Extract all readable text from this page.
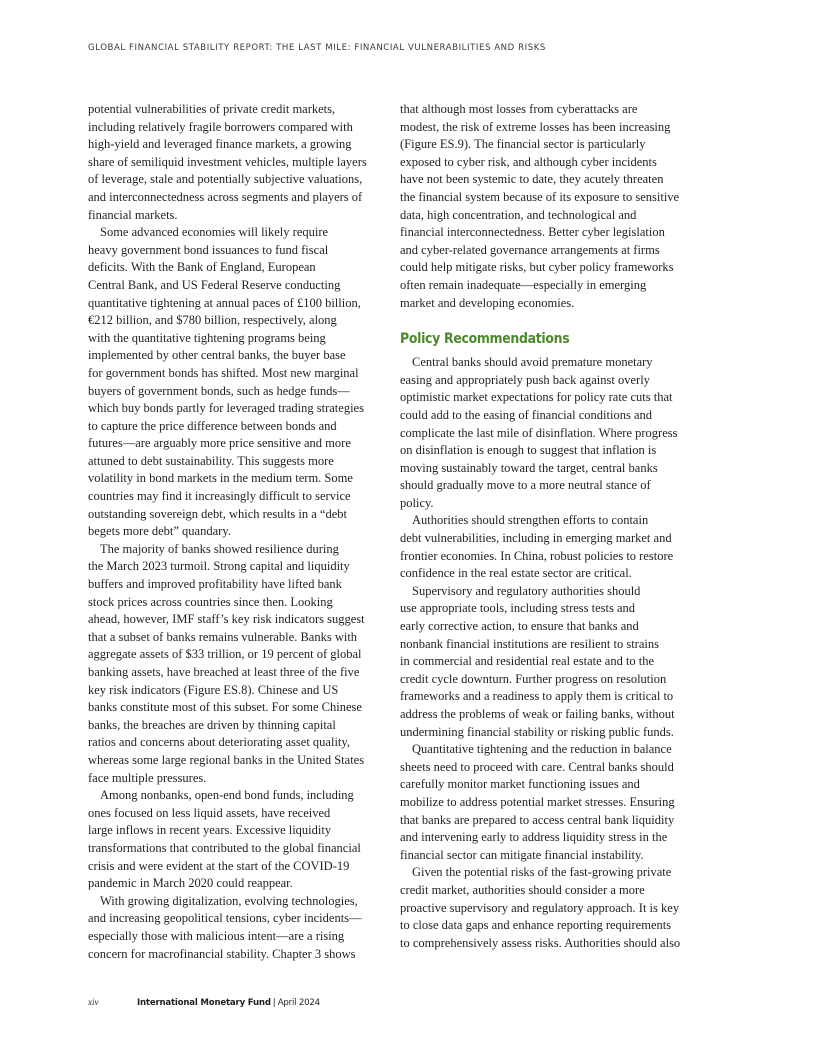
GLOBAL FINANCIAL STABILITY REPORT: THE LAST MILE: FINANCIAL VULNERABILITIES AND RISKS
potential vulnerabilities of private credit markets,
including relatively fragile borrowers compared with
high-yield and leveraged finance markets, a growing
share of semiliquid investment vehicles, multiple layers
of leverage, stale and potentially subjective valuations,
and interconnectedness across segments and players of
financial markets.
Some advanced economies will likely require
heavy government bond issuances to fund fiscal
deficits. With the Bank of England, European
Central Bank, and US Federal Reserve conducting
quantitative tightening at annual paces of £100 billion,
€212 billion, and $780 billion, respectively, along
with the quantitative tightening programs being
implemented by other central banks, the buyer base
for government bonds has shifted. Most new marginal
buyers of government bonds, such as hedge funds—
which buy bonds partly for leveraged trading strategies
to capture the price difference between bonds and
futures—are arguably more price sensitive and more
attuned to debt sustainability. This suggests more
volatility in bond markets in the medium term. Some
countries may find it increasingly difficult to service
outstanding sovereign debt, which results in a “debt
begets more debt” quandary.
The majority of banks showed resilience during
the March 2023 turmoil. Strong capital and liquidity
buffers and improved profitability have lifted bank
stock prices across countries since then. Looking
ahead, however, IMF staff’s key risk indicators suggest
that a subset of banks remains vulnerable. Banks with
aggregate assets of $33 trillion, or 19 percent of global
banking assets, have breached at least three of the five
key risk indicators (Figure ES.8). Chinese and US
banks constitute most of this subset. For some Chinese
banks, the breaches are driven by thinning capital
ratios and concerns about deteriorating asset quality,
whereas some large regional banks in the United States
face multiple pressures.
Among nonbanks, open-end bond funds, including
ones focused on less liquid assets, have received
large inflows in recent years. Excessive liquidity
transformations that contributed to the global financial
crisis and were evident at the start of the COVID-19
pandemic in March 2020 could reappear.
With growing digitalization, evolving technologies,
and increasing geopolitical tensions, cyber incidents—
especially those with malicious intent—are a rising
concern for macrofinancial stability. Chapter 3 shows
that although most losses from cyberattacks are
modest, the risk of extreme losses has been increasing
(Figure ES.9). The financial sector is particularly
exposed to cyber risk, and although cyber incidents
have not been systemic to date, they acutely threaten
the financial system because of its exposure to sensitive
data, high concentration, and technological and
financial interconnectedness. Better cyber legislation
and cyber-related governance arrangements at firms
could help mitigate risks, but cyber policy frameworks
often remain inadequate—especially in emerging
market and developing economies.
Policy Recommendations
Central banks should avoid premature monetary
easing and appropriately push back against overly
optimistic market expectations for policy rate cuts that
could add to the easing of financial conditions and
complicate the last mile of disinflation. Where progress
on disinflation is enough to suggest that inflation is
moving sustainably toward the target, central banks
should gradually move to a more neutral stance of
policy.
Authorities should strengthen efforts to contain
debt vulnerabilities, including in emerging market and
frontier economies. In China, robust policies to restore
confidence in the real estate sector are critical.
Supervisory and regulatory authorities should
use appropriate tools, including stress tests and
early corrective action, to ensure that banks and
nonbank financial institutions are resilient to strains
in commercial and residential real estate and to the
credit cycle downturn. Further progress on resolution
frameworks and a readiness to apply them is critical to
address the problems of weak or failing banks, without
undermining financial stability or risking public funds.
Quantitative tightening and the reduction in balance
sheets need to proceed with care. Central banks should
carefully monitor market functioning issues and
mobilize to address potential market stresses. Ensuring
that banks are prepared to access central bank liquidity
and intervening early to address liquidity stress in the
financial sector can mitigate financial instability.
Given the potential risks of the fast-growing private
credit market, authorities should consider a more
proactive supervisory and regulatory approach. It is key
to close data gaps and enhance reporting requirements
to comprehensively assess risks. Authorities should also
xiv	International Monetary Fund | April 2024
